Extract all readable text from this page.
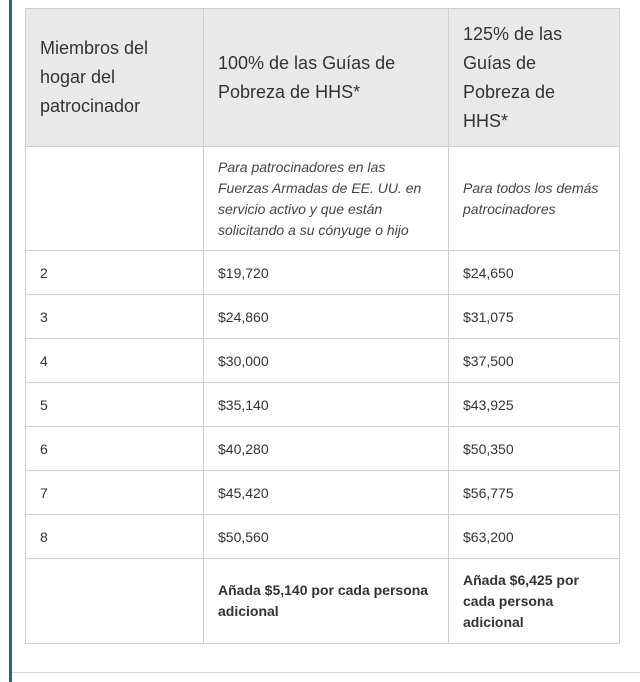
Miembros del hogar del patrocinador	100% de las Guías de Pobreza de HHS*	125% de las Guías de Pobreza de HHS*
	Para patrocinadores en las Fuerzas Armadas de EE. UU. en servicio activo y que están solicitando a su cónyuge o hijo	Para todos los demás patrocinadores
2	$19,720	$24,650
3	$24,860	$31,075
4	$30,000	$37,500
5	$35,140	$43,925
6	$40,280	$50,350
7	$45,420	$56,775
8	$50,560	$63,200
	Añada $5,140 por cada persona adicional	Añada $6,425 por cada persona adicional
